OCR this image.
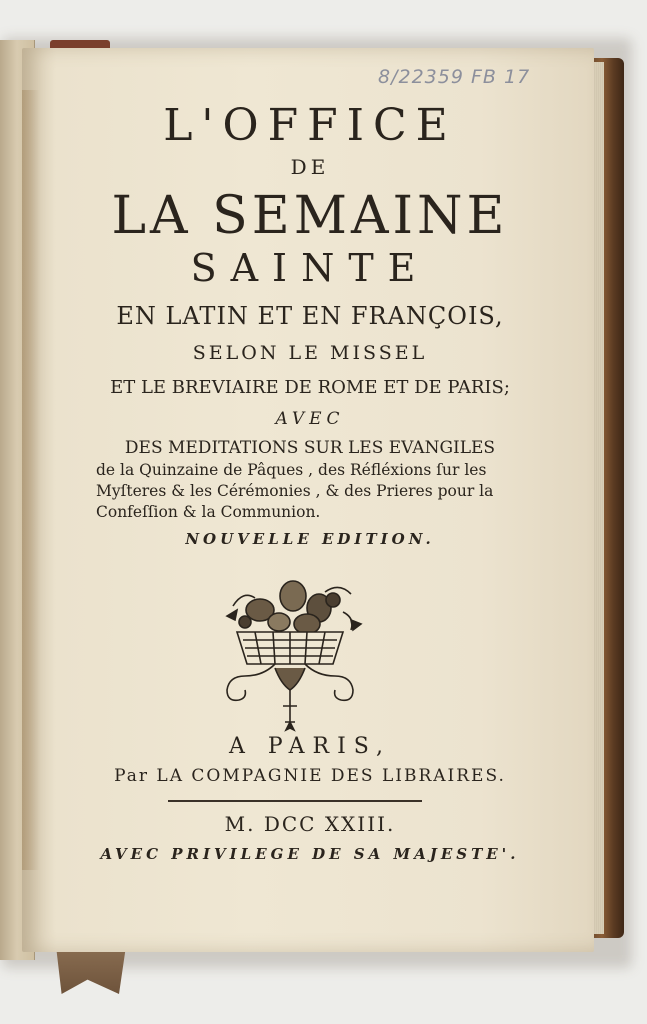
8/22359 FB 17
L'OFFICE
DE
LA SEMAINE
SAINTE
EN LATIN ET EN FRANÇOIS,
SELON LE MISSEL
ET LE BREVIAIRE DE ROME ET DE PARIS;
AVEC
DES MEDITATIONS SUR LES EVANGILES
de la Quinzaine de Pâques , des Réfléxions ſur les
Myſteres & les Cérémonies , & des Prieres pour la
Confeſſion & la Communion.
NOUVELLE EDITION.
A PARIS,
Par LA COMPAGNIE DES LIBRAIRES.
M. DCC XXIII.
AVEC PRIVILEGE DE SA MAJESTE'.
